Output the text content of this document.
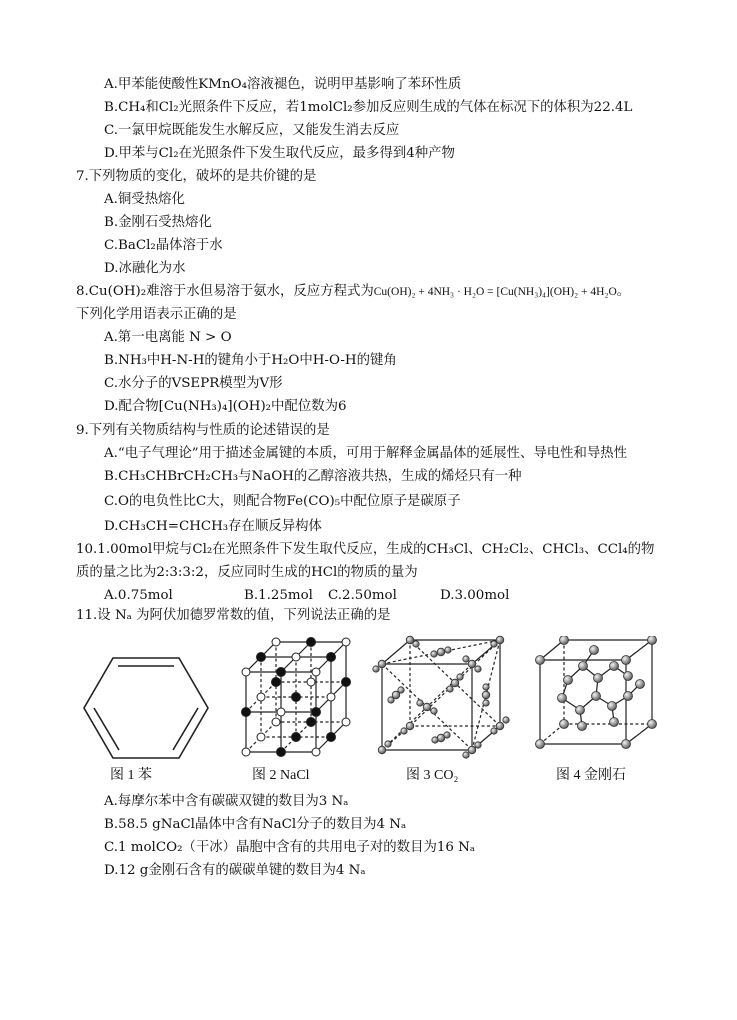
A.甲苯能使酸性KMnO₄溶液褪色，说明甲基影响了苯环性质
B.CH₄和Cl₂光照条件下反应，若1molCl₂参加反应则生成的气体在标况下的体积为22.4L
C.一氯甲烷既能发生水解反应，又能发生消去反应
D.甲苯与Cl₂在光照条件下发生取代反应，最多得到4种产物
7.下列物质的变化，破坏的是共价键的是
A.铜受热熔化
B.金刚石受热熔化
C.BaCl₂晶体溶于水
D.冰融化为水
8.Cu(OH)₂难溶于水但易溶于氨水，反应方程式为Cu(OH)₂ + 4NH₃ · H₂O = [Cu(NH₃)₄](OH)₂ + 4H₂O。
下列化学用语表示正确的是
A.第一电离能 N > O
B.NH₃中H-N-H的键角小于H₂O中H-O-H的键角
C.水分子的VSEPR模型为V形
D.配合物[Cu(NH₃)₄](OH)₂中配位数为6
9.下列有关物质结构与性质的论述错误的是
A.“电子气理论”用于描述金属键的本质，可用于解释金属晶体的延展性、导电性和导热性
B.CH₃CHBrCH₂CH₃与NaOH的乙醇溶液共热，生成的烯烃只有一种
C.O的电负性比C大，则配合物Fe(CO)₅中配位原子是碳原子
D.CH₃CH=CHCH₃存在顺反异构体
10.1.00mol甲烷与Cl₂在光照条件下发生取代反应，生成的CH₃Cl、CH₂Cl₂、CHCl₃、CCl₄的物
质的量之比为2:3:3:2，反应同时生成的HCl的物质的量为
A.0.75mol	B.1.25mol C.2.50mol	D.3.00mol
11.设 Nₐ 为阿伏加德罗常数的值，下列说法正确的是
图 1 苯	图 2 NaCl	图 3 CO₂	图 4 金刚石
A.每摩尔苯中含有碳碳双键的数目为3 Nₐ
B.58.5 gNaCl晶体中含有NaCl分子的数目为4 Nₐ
C.1 molCO₂（干冰）晶胞中含有的共用电子对的数目为16 Nₐ
D.12 g金刚石含有的碳碳单键的数目为4 Nₐ
